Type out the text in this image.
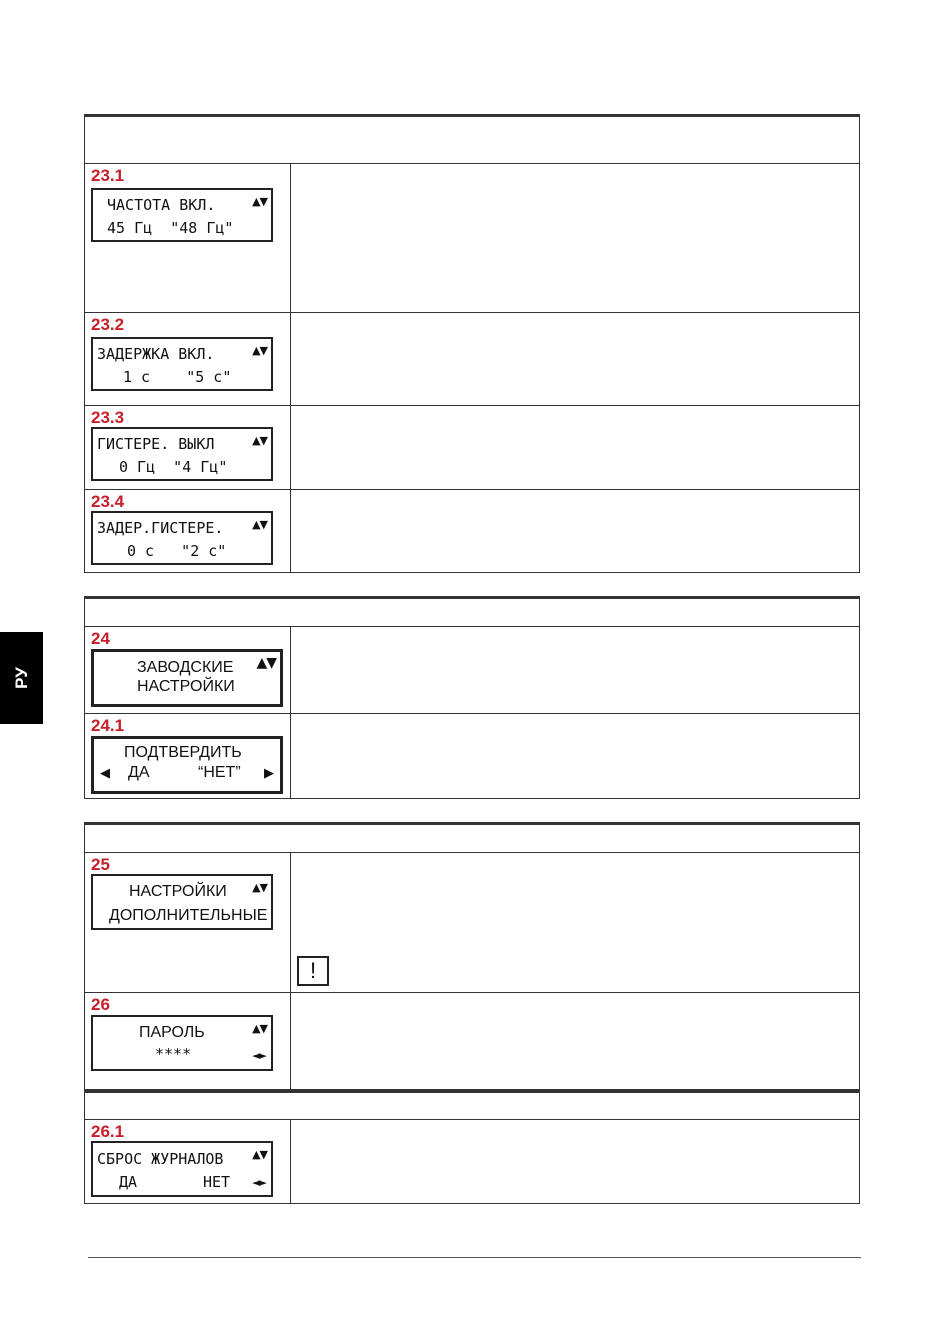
РУ
23.1
ЧАСТОТА ВКЛ.	▲▼
45 Гц  "48 Гц"
23.2
ЗАДЕРЖКА ВКЛ.	▲▼
1 с    "5 с"
23.3
ГИСТЕРЕ. ВЫКЛ	▲▼
0 Гц  "4 Гц"
23.4
ЗАДЕР.ГИСТЕРЕ.	▲▼
0 с   "2 с"
24
ЗАВОДСКИЕ	▲▼
НАСТРОЙКИ
24.1
ПОДТВЕРДИТЬ
◀ ДА	“НЕТ”	▶
25
НАСТРОЙКИ	▲▼
ДОПОЛНИТЕЛЬНЫЕ
!
26
ПАРОЛЬ	▲▼
****	◄►
26.1
СБРОС ЖУРНАЛОВ	▲▼
ДА	НЕТ	◄►
